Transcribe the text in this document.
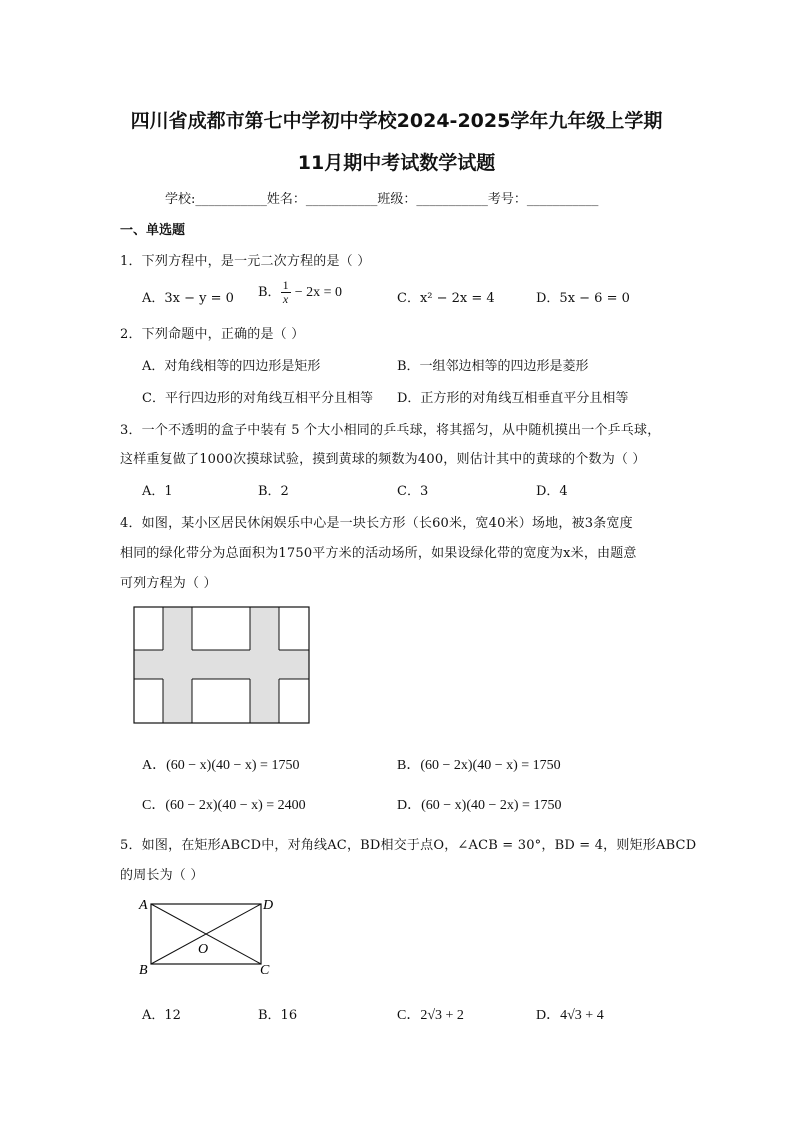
四川省成都市第七中学初中学校2024-2025学年九年级上学期
11月期中考试数学试题
学校:___________姓名：___________班级：___________考号：___________
一、单选题
1．下列方程中，是一元二次方程的是（ ）
A．3x − y = 0 B． $\frac{1}{x} - 2x = 0$	C．x² − 2x = 4	D．5x − 6 = 0
2．下列命题中，正确的是（ ）
A．对角线相等的四边形是矩形	B．一组邻边相等的四边形是菱形
C．平行四边形的对角线互相平分且相等 D．正方形的对角线互相垂直平分且相等
3．一个不透明的盒子中装有 5 个大小相同的乒乓球，将其摇匀，从中随机摸出一个乒乓球，
这样重复做了1000次摸球试验，摸到黄球的频数为400，则估计其中的黄球的个数为（ ）
A．1	B．2	C．3	D．4
4．如图，某小区居民休闲娱乐中心是一块长方形（长60米，宽40米）场地，被3条宽度
相同的绿化带分为总面积为1750平方米的活动场所，如果设绿化带的宽度为x米，由题意
可列方程为（ ）
A．(60 − x)(40 − x) = 1750	B．(60 − 2x)(40 − x) = 1750
C．(60 − 2x)(40 − x) = 2400	D．(60 − x)(40 − 2x) = 1750
5．如图，在矩形ABCD中，对角线AC，BD相交于点O，∠ACB = 30°，BD = 4，则矩形ABCD
的周长为（ ）
A	D
O
B	C
A．12	B．16	C．2√3 + 2	D．4√3 + 4
